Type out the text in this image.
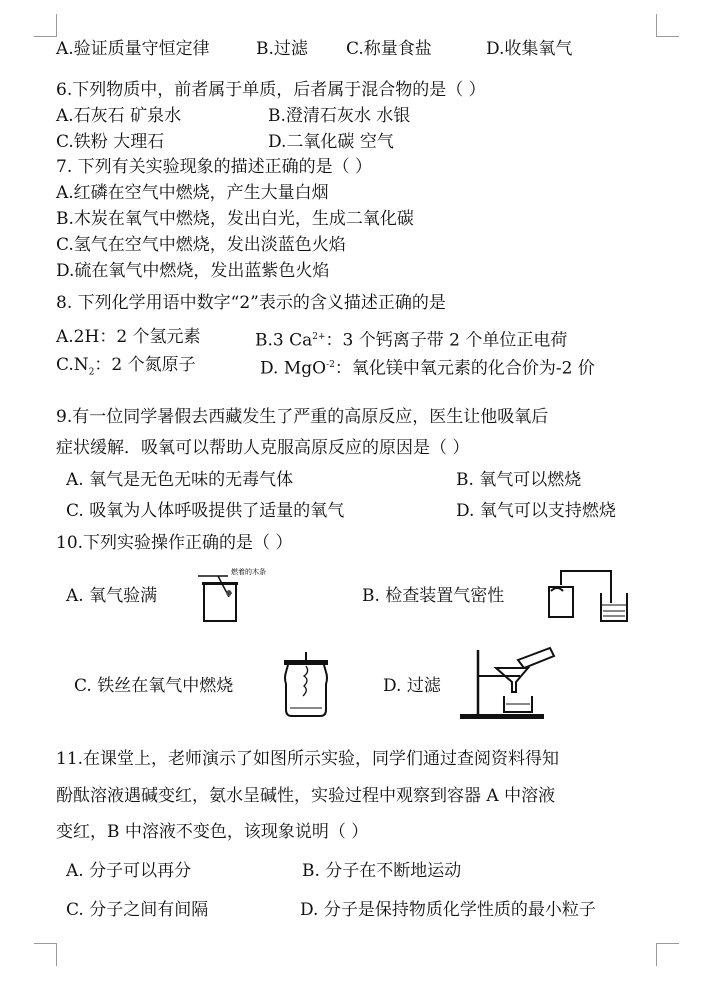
A.验证质量守恒定律	B.过滤 C.称量食盐	D.收集氧气
6.下列物质中，前者属于单质，后者属于混合物的是（ ）
A.石灰石 矿泉水	B.澄清石灰水 水银
C.铁粉 大理石	D.二氧化碳 空气
7. 下列有关实验现象的描述正确的是（ ）
A.红磷在空气中燃烧，产生大量白烟
B.木炭在氧气中燃烧，发出白光，生成二氧化碳
C.氢气在空气中燃烧，发出淡蓝色火焰
D.硫在氧气中燃烧，发出蓝紫色火焰
8. 下列化学用语中数字“2”表示的含义描述正确的是
A.2H：2 个氢元素	B.3 $Ca^{2+}$：3 个钙离子带 2 个单位正电荷
$C.N_2$：2 个氮原子	D. MgO$^{-2}$：氧化镁中氧元素的化合价为-2 价
9.有一位同学暑假去西藏发生了严重的高原反应，医生让他吸氧后
症状缓解．吸氧可以帮助人克服高原反应的原因是（ ）
A. 氧气是无色无味的无毒气体	B. 氧气可以燃烧
C. 吸氧为人体呼吸提供了适量的氧气	D. 氧气可以支持燃烧
10.下列实验操作正确的是（ ）
A. 氧气验满
燃着的木条
B. 检查装置气密性
C. 铁丝在氧气中燃烧	D. 过滤
11.在课堂上，老师演示了如图所示实验，同学们通过查阅资料得知
酚酞溶液遇碱变红，氨水呈碱性，实验过程中观察到容器 A 中溶液
变红，B 中溶液不变色，该现象说明（ ）
A. 分子可以再分	B. 分子在不断地运动
C. 分子之间有间隔	D. 分子是保持物质化学性质的最小粒子
